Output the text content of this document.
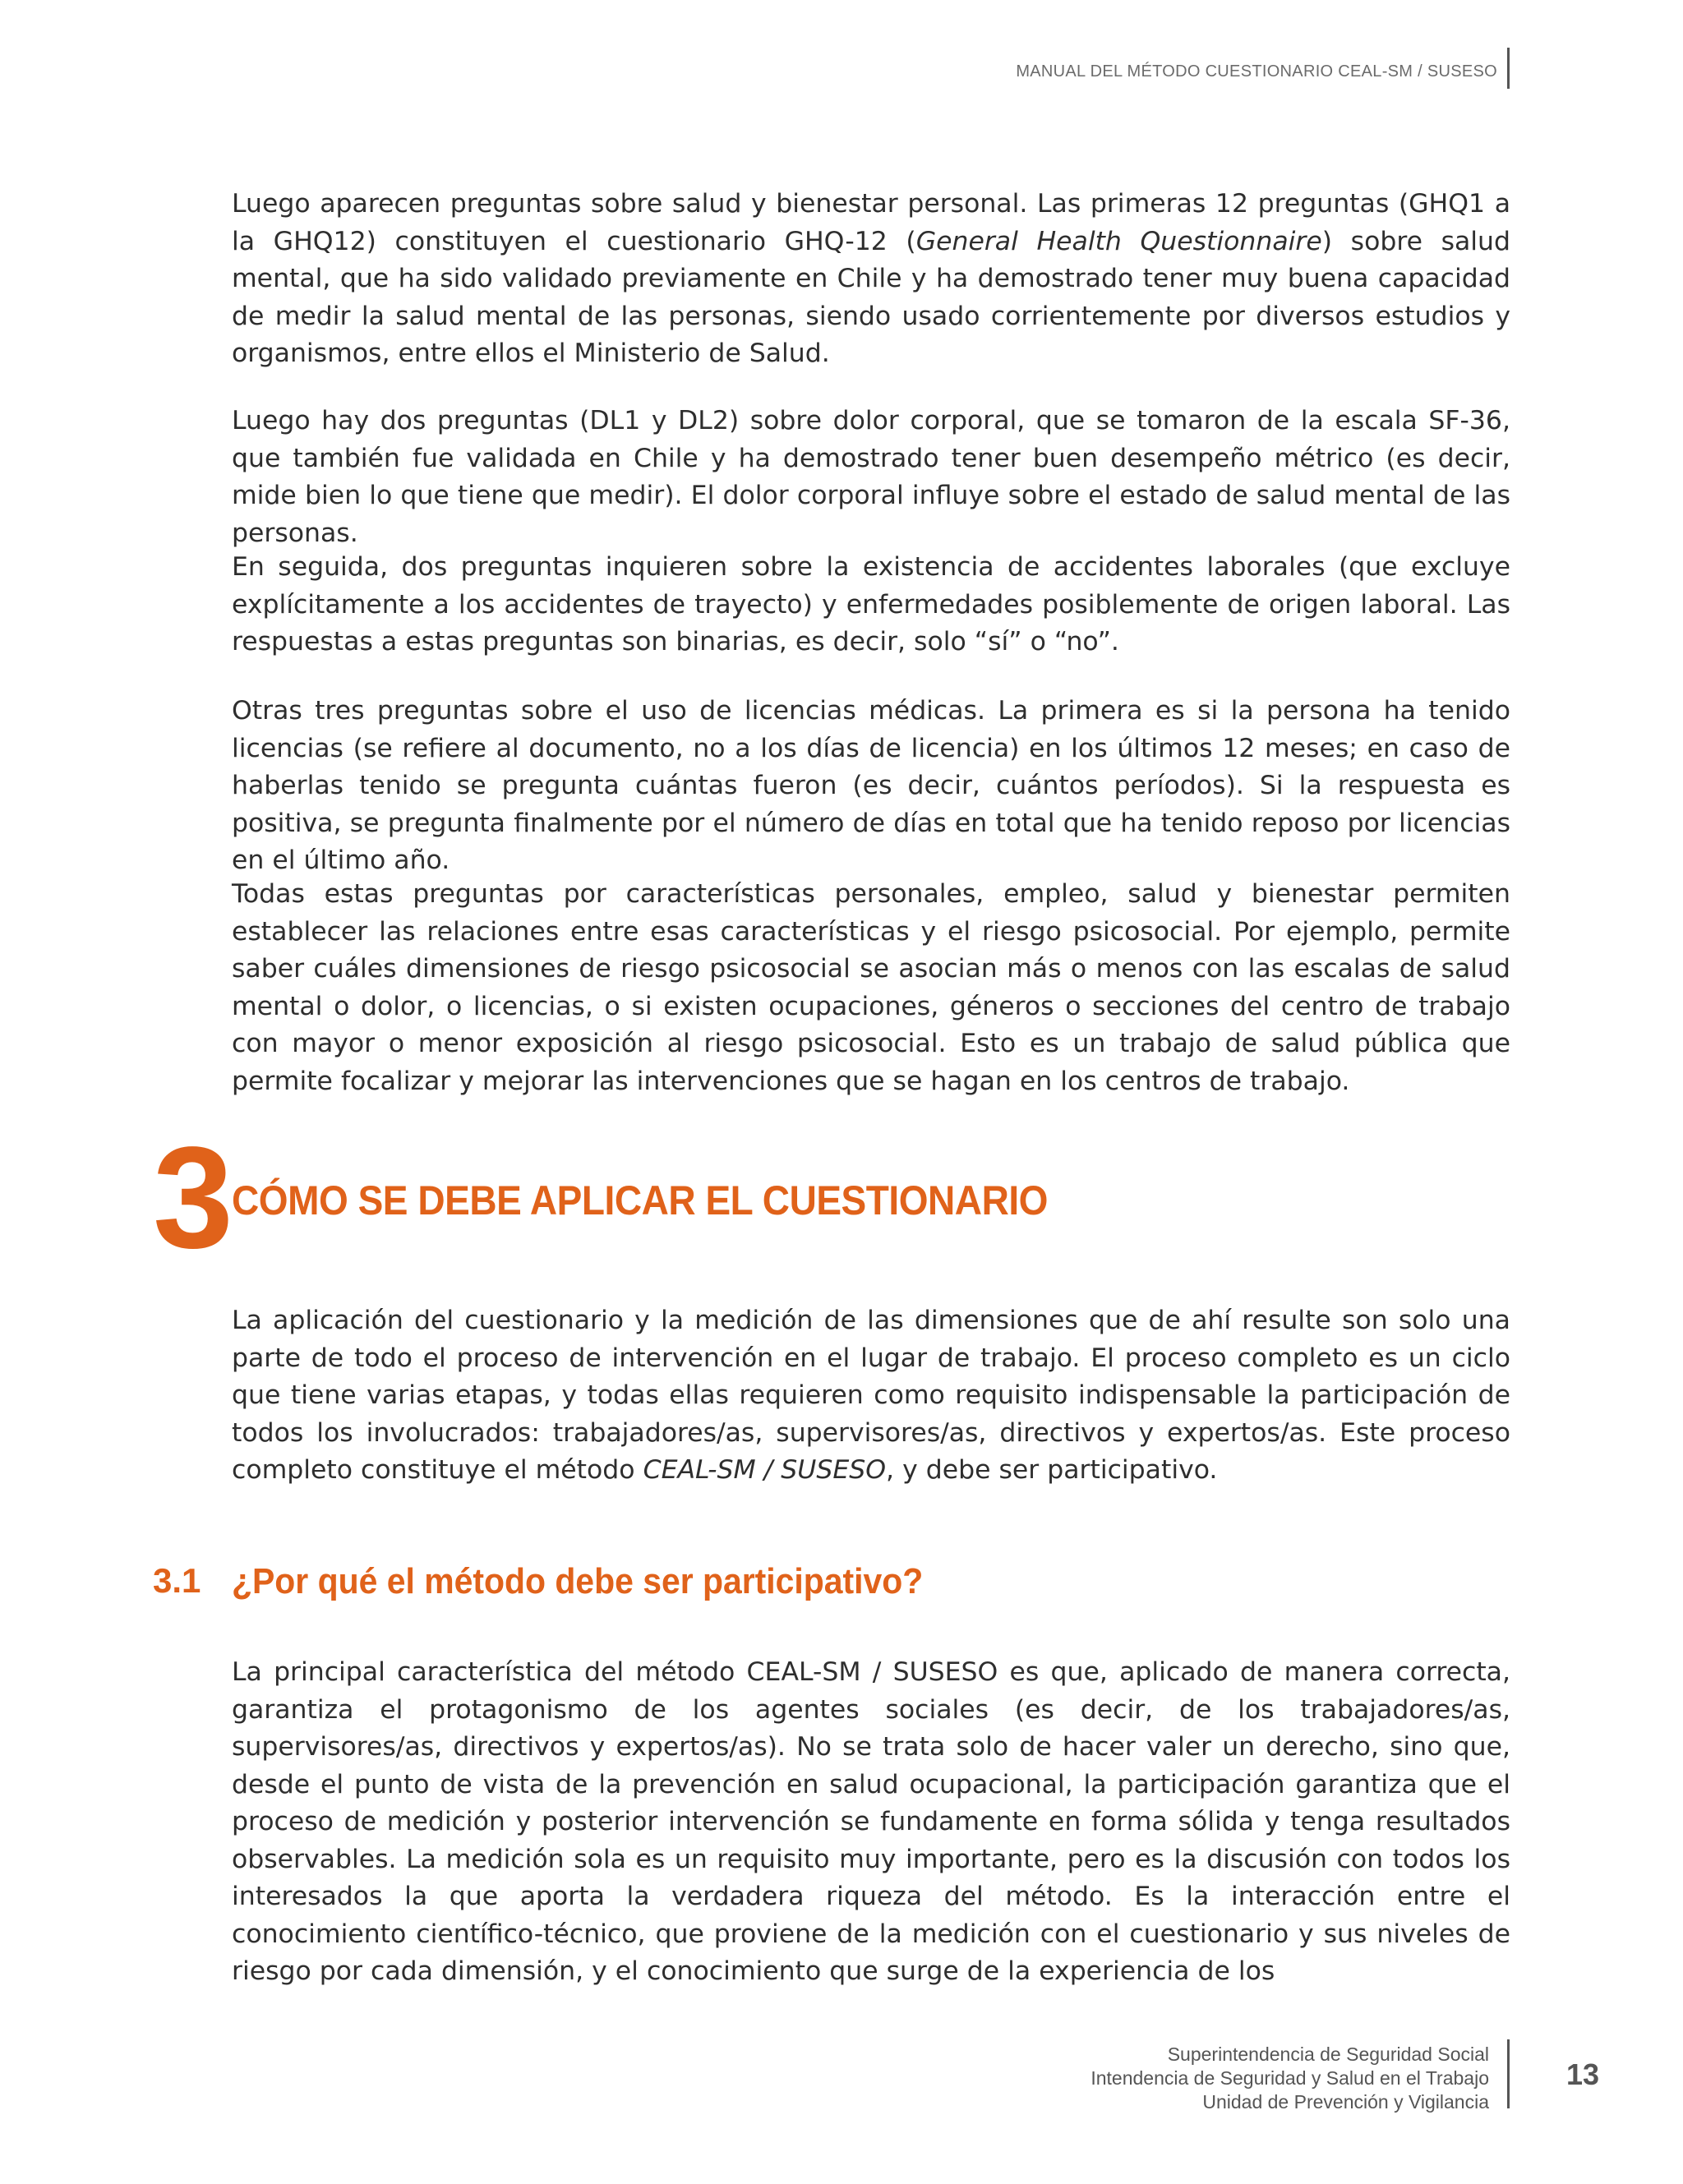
MANUAL DEL MÉTODO CUESTIONARIO CEAL-SM / SUSESO

Luego aparecen preguntas sobre salud y bienestar personal. Las primeras 12 preguntas (GHQ1 a la GHQ12) constituyen el cuestionario GHQ-12 (General Health Questionnaire) sobre salud mental, que ha sido validado previamente en Chile y ha demostrado tener muy buena capacidad de medir la salud mental de las personas, siendo usado corrientemente por diversos estudios y organismos, entre ellos el Ministerio de Salud.

Luego hay dos preguntas (DL1 y DL2) sobre dolor corporal, que se tomaron de la escala SF-36, que también fue validada en Chile y ha demostrado tener buen desempeño métrico (es decir, mide bien lo que tiene que medir). El dolor corporal influye sobre el estado de salud mental de las personas.

En seguida, dos preguntas inquieren sobre la existencia de accidentes laborales (que excluye explícitamente a los accidentes de trayecto) y enfermedades posiblemente de origen laboral. Las respuestas a estas preguntas son binarias, es decir, solo “sí” o “no”.

Otras tres preguntas sobre el uso de licencias médicas. La primera es si la persona ha tenido licencias (se refiere al documento, no a los días de licencia) en los últimos 12 meses; en caso de haberlas tenido se pregunta cuántas fueron (es decir, cuántos períodos). Si la respuesta es positiva, se pregunta finalmente por el número de días en total que ha tenido reposo por licencias en el último año.

Todas estas preguntas por características personales, empleo, salud y bienestar permiten establecer las relaciones entre esas características y el riesgo psicosocial. Por ejemplo, permite saber cuáles dimensiones de riesgo psicosocial se asocian más o menos con las escalas de salud mental o dolor, o licencias, o si existen ocupaciones, géneros o secciones del centro de trabajo con mayor o menor exposición al riesgo psicosocial. Esto es un trabajo de salud pública que permite focalizar y mejorar las intervenciones que se hagan en los centros de trabajo.

3 CÓMO SE DEBE APLICAR EL CUESTIONARIO

La aplicación del cuestionario y la medición de las dimensiones que de ahí resulte son solo una parte de todo el proceso de intervención en el lugar de trabajo. El proceso completo es un ciclo que tiene varias etapas, y todas ellas requieren como requisito indispensable la participación de todos los involucrados: trabajadores/as, supervisores/as, directivos y expertos/as. Este proceso completo constituye el método CEAL-SM / SUSESO, y debe ser participativo.

3.1 ¿Por qué el método debe ser participativo?

La principal característica del método CEAL-SM / SUSESO es que, aplicado de manera correcta, garantiza el protagonismo de los agentes sociales (es decir, de los trabajadores/as, supervisores/as, directivos y expertos/as). No se trata solo de hacer valer un derecho, sino que, desde el punto de vista de la prevención en salud ocupacional, la participación garantiza que el proceso de medición y posterior intervención se fundamente en forma sólida y tenga resultados observables. La medición sola es un requisito muy importante, pero es la discusión con todos los interesados la que aporta la verdadera riqueza del método. Es la interacción entre el conocimiento científico-técnico, que proviene de la medición con el cuestionario y sus niveles de riesgo por cada dimensión, y el conocimiento que surge de la experiencia de los

Superintendencia de Seguridad Social
Intendencia de Seguridad y Salud en el Trabajo
Unidad de Prevención y Vigilancia
13
